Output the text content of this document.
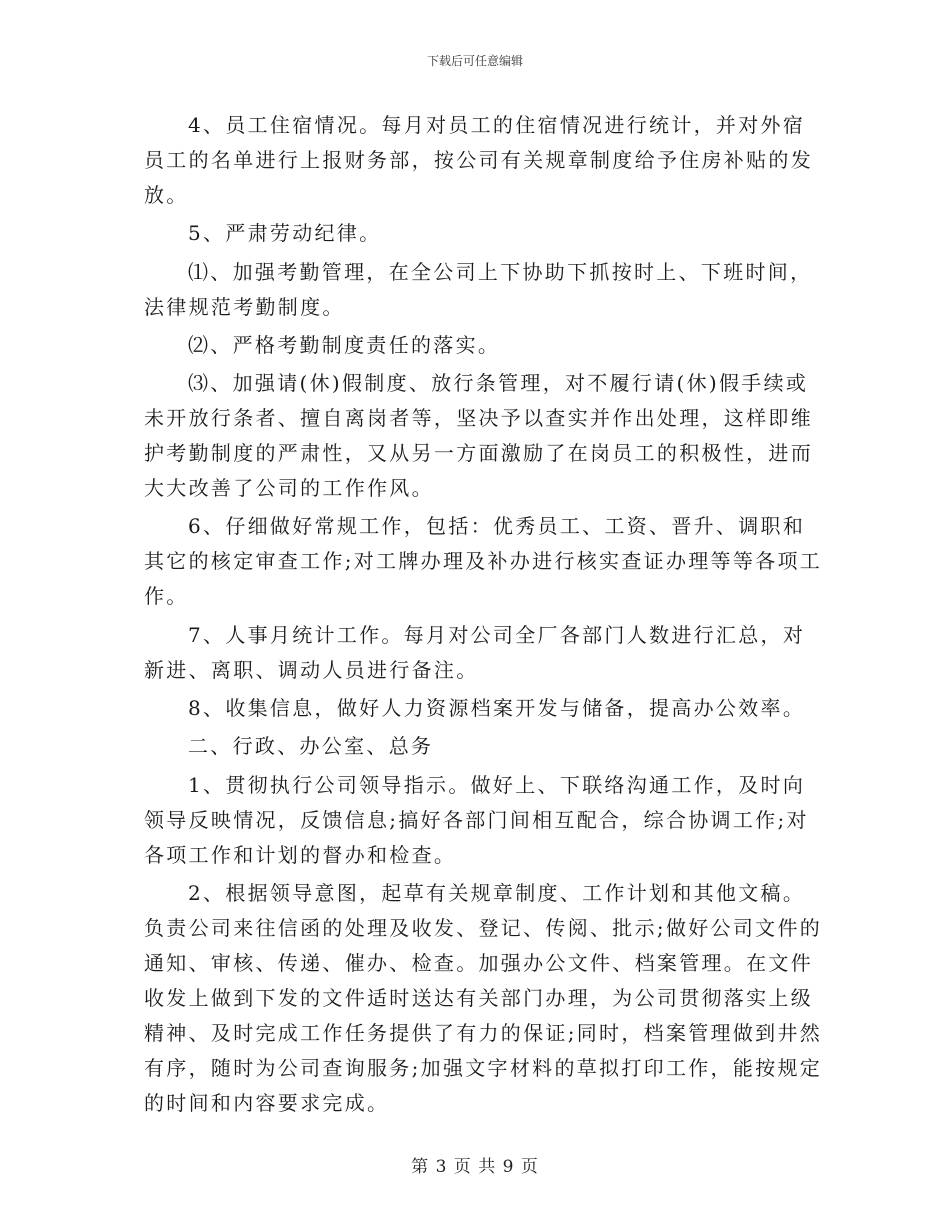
下载后可任意编辑

4、员工住宿情况。每月对员工的住宿情况进行统计，并对外宿员工的名单进行上报财务部，按公司有关规章制度给予住房补贴的发放。

5、严肃劳动纪律。

⑴、加强考勤管理，在全公司上下协助下抓按时上、下班时间，法律规范考勤制度。

⑵、严格考勤制度责任的落实。

⑶、加强请(休)假制度、放行条管理，对不履行请(休)假手续或未开放行条者、擅自离岗者等，坚决予以查实并作出处理，这样即维护考勤制度的严肃性，又从另一方面激励了在岗员工的积极性，进而大大改善了公司的工作作风。

6、仔细做好常规工作，包括：优秀员工、工资、晋升、调职和其它的核定审查工作;对工牌办理及补办进行核实查证办理等等各项工作。

7、人事月统计工作。每月对公司全厂各部门人数进行汇总，对新进、离职、调动人员进行备注。

8、收集信息，做好人力资源档案开发与储备，提高办公效率。

二、行政、办公室、总务

1、贯彻执行公司领导指示。做好上、下联络沟通工作，及时向领导反映情况，反馈信息;搞好各部门间相互配合，综合协调工作;对各项工作和计划的督办和检查。

2、根据领导意图，起草有关规章制度、工作计划和其他文稿。负责公司来往信函的处理及收发、登记、传阅、批示;做好公司文件的通知、审核、传递、催办、检查。加强办公文件、档案管理。在文件收发上做到下发的文件适时送达有关部门办理，为公司贯彻落实上级精神、及时完成工作任务提供了有力的保证;同时，档案管理做到井然有序，随时为公司查询服务;加强文字材料的草拟打印工作，能按规定的时间和内容要求完成。

第 3 页 共 9 页
